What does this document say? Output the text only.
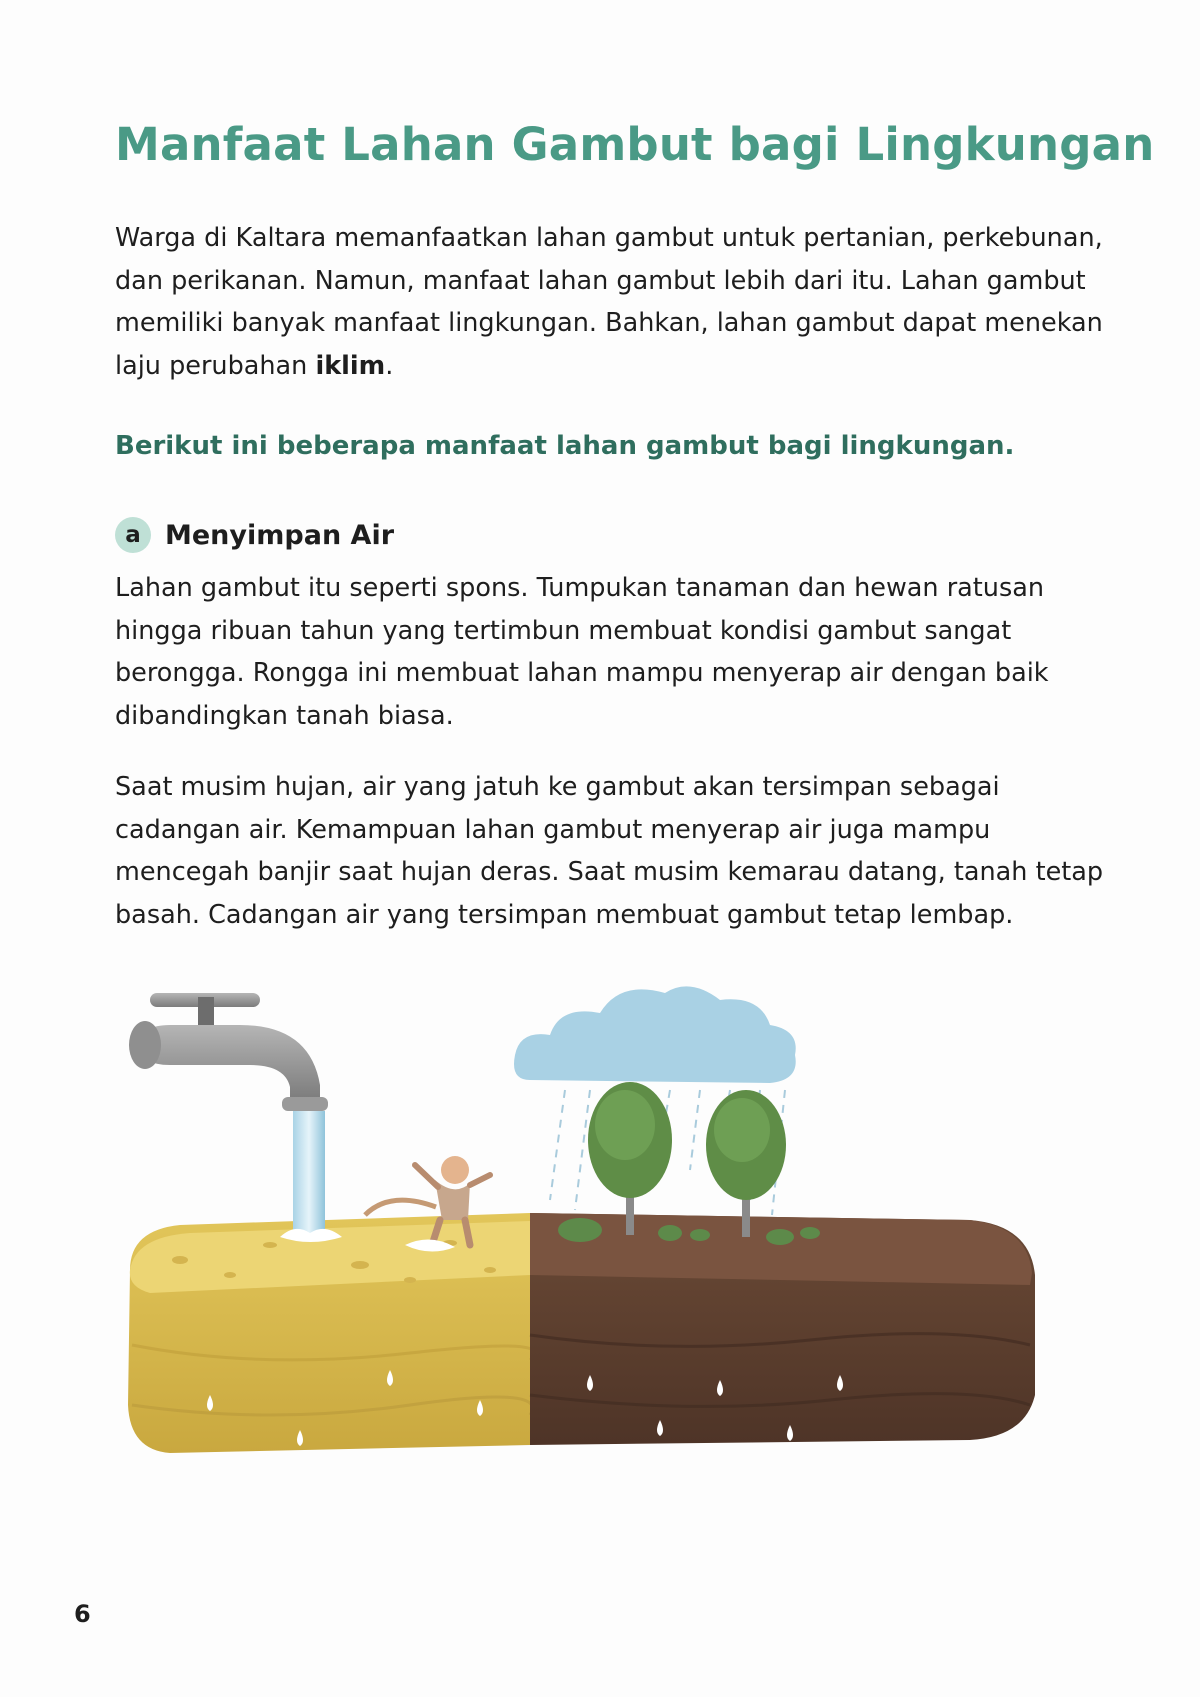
Manfaat Lahan Gambut bagi Lingkungan

Warga di Kaltara memanfaatkan lahan gambut untuk pertanian, perkebunan, dan perikanan. Namun, manfaat lahan gambut lebih dari itu. Lahan gambut memiliki banyak manfaat lingkungan. Bahkan, lahan gambut dapat menekan laju perubahan iklim.

Berikut ini beberapa manfaat lahan gambut bagi lingkungan.
a Menyimpan Air

Lahan gambut itu seperti spons. Tumpukan tanaman dan hewan ratusan hingga ribuan tahun yang tertimbun membuat kondisi gambut sangat berongga. Rongga ini membuat lahan mampu menyerap air dengan baik dibandingkan tanah biasa.

Saat musim hujan, air yang jatuh ke gambut akan tersimpan sebagai cadangan air. Kemampuan lahan gambut menyerap air juga mampu mencegah banjir saat hujan deras. Saat musim kemarau datang, tanah tetap basah. Cadangan air yang tersimpan membuat gambut tetap lembap.

6
